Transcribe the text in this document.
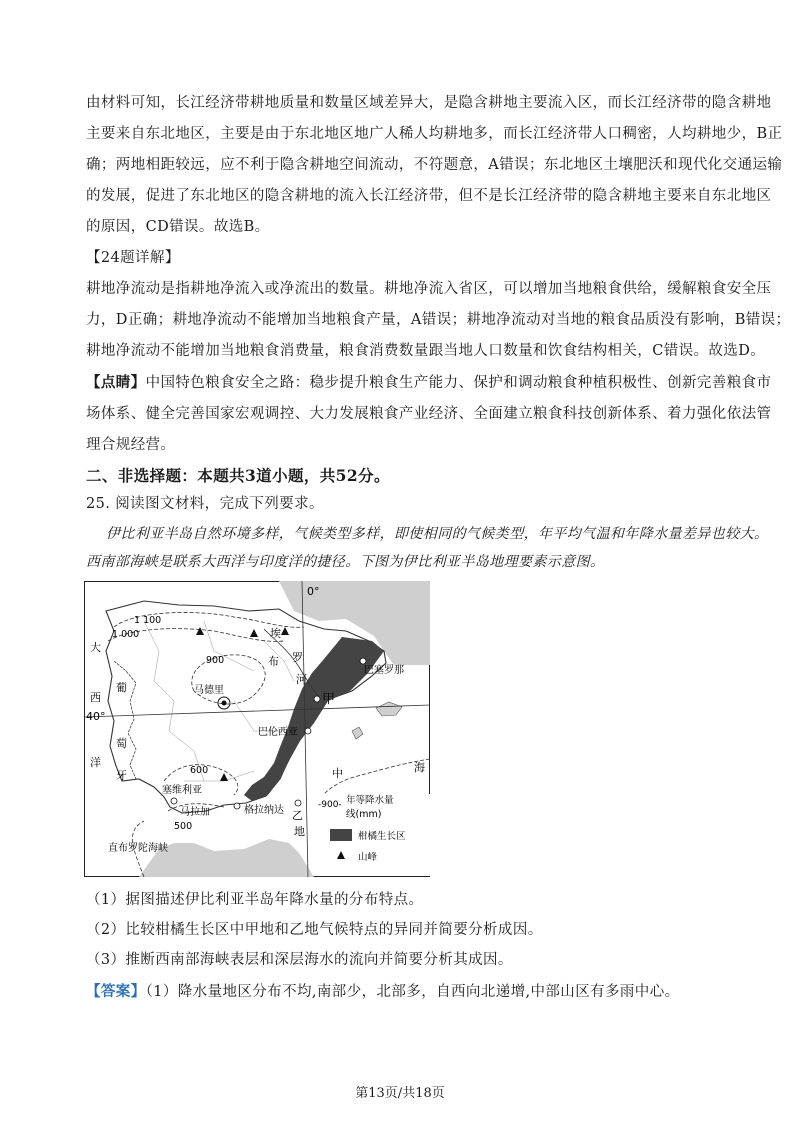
由材料可知，长江经济带耕地质量和数量区域差异大，是隐含耕地主要流入区，而长江经济带的隐含耕地
主要来自东北地区，主要是由于东北地区地广人稀人均耕地多，而长江经济带人口稠密，人均耕地少，B正
确；两地相距较远，应不利于隐含耕地空间流动，不符题意，A错误；东北地区土壤肥沃和现代化交通运输
的发展，促进了东北地区的隐含耕地的流入长江经济带，但不是长江经济带的隐含耕地主要来自东北地区
的原因，CD错误。故选B。
【24题详解】
耕地净流动是指耕地净流入或净流出的数量。耕地净流入省区，可以增加当地粮食供给，缓解粮食安全压
力，D正确；耕地净流动不能增加当地粮食产量，A错误；耕地净流动对当地的粮食品质没有影响，B错误；
耕地净流动不能增加当地粮食消费量，粮食消费数量跟当地人口数量和饮食结构相关，C错误。故选D。
【点睛】中国特色粮食安全之路：稳步提升粮食生产能力、保护和调动粮食种植积极性、创新完善粮食市
场体系、健全完善国家宏观调控、大力发展粮食产业经济、全面建立粮食科技创新体系、着力强化依法管
理合规经营。
二、非选择题：本题共3道小题，共52分。
25. 阅读图文材料，完成下列要求。
伊比利亚半岛自然环境多样，气候类型多样，即使相同的气候类型，年平均气温和年降水量差异也较大。
西南部海峡是联系大西洋与印度洋的捷径。下图为伊比利亚半岛地理要素示意图。
0°
40°
大
西
洋
葡
萄
牙
埃
布 罗
河
马德里
巴塞罗那
甲
巴伦西亚
塞维利亚
马拉加	格拉纳达 乙
地
中	海
直布罗陀海峡
1 100
1 000
900
600
500
-900- 年等降水量
线(mm)
柑橘生长区
山峰
（1）据图描述伊比利亚半岛年降水量的分布特点。
（2）比较柑橘生长区中甲地和乙地气候特点的异同并简要分析成因。
（3）推断西南部海峡表层和深层海水的流向并简要分析其成因。
【答案】（1）降水量地区分布不均,南部少，北部多，自西向北递增,中部山区有多雨中心。
第13页/共18页
